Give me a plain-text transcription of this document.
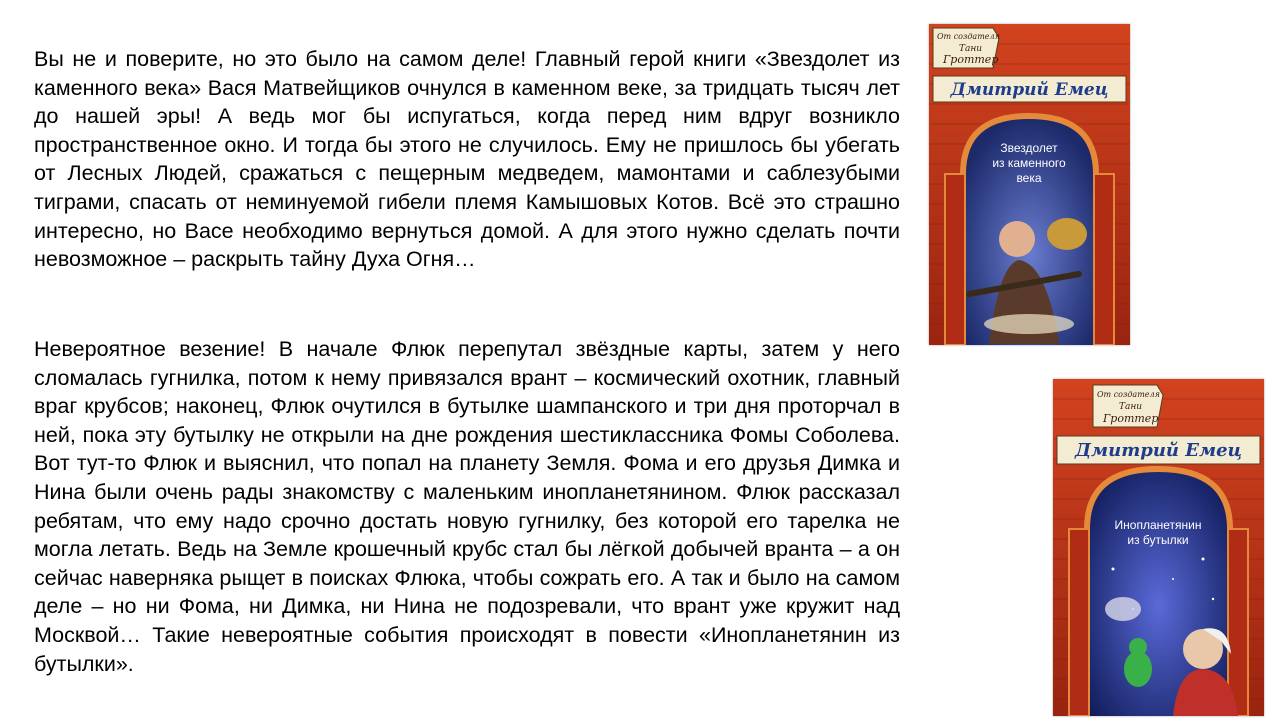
Вы не и поверите, но это было на самом деле! Главный герой книги «Звездолет из каменного века» Вася Матвейщиков очнулся в каменном веке, за тридцать тысяч лет до нашей эры! А ведь мог бы испугаться, когда перед ним вдруг возникло пространственное окно. И тогда бы этого не случилось. Ему не пришлось бы убегать от Лесных Людей, сражаться с пещерным медведем, мамонтами и саблезубыми тиграми, спасать от неминуемой гибели племя Камышовых Котов. Всё это страшно интересно, но Васе необходимо вернуться домой. А для этого нужно сделать почти невозможное – раскрыть тайну Духа Огня…

Невероятное везение! В начале Флюк перепутал звёздные карты, затем у него сломалась гугнилка, потом к нему привязался врант – космический охотник, главный враг крубсов; наконец, Флюк очутился в бутылке шампанского и три дня проторчал в ней, пока эту бутылку не открыли на дне рождения шестиклассника Фомы Соболева. Вот тут-то Флюк и выяснил, что попал на планету Земля. Фома и его друзья Димка и Нина были очень рады знакомству с маленьким инопланетянином. Флюк рассказал ребятам, что ему надо срочно достать новую гугнилку, без которой его тарелка не могла летать. Ведь на Земле крошечный крубс стал бы лёгкой добычей вранта – а он сейчас наверняка рыщет в поисках Флюка, чтобы сожрать его. А так и было на самом деле – но ни Фома, ни Димка, ни Нина не подозревали, что врант уже кружит над Москвой… Такие невероятные события происходят в повести «Инопланетянин из бутылки».

От создателя
Тани
Гроттер
Дмитрий Емец
Звездолет
из каменного
века
От создателя
Тани
Гроттер
Дмитрий Емец
Инопланетянин
из бутылки
